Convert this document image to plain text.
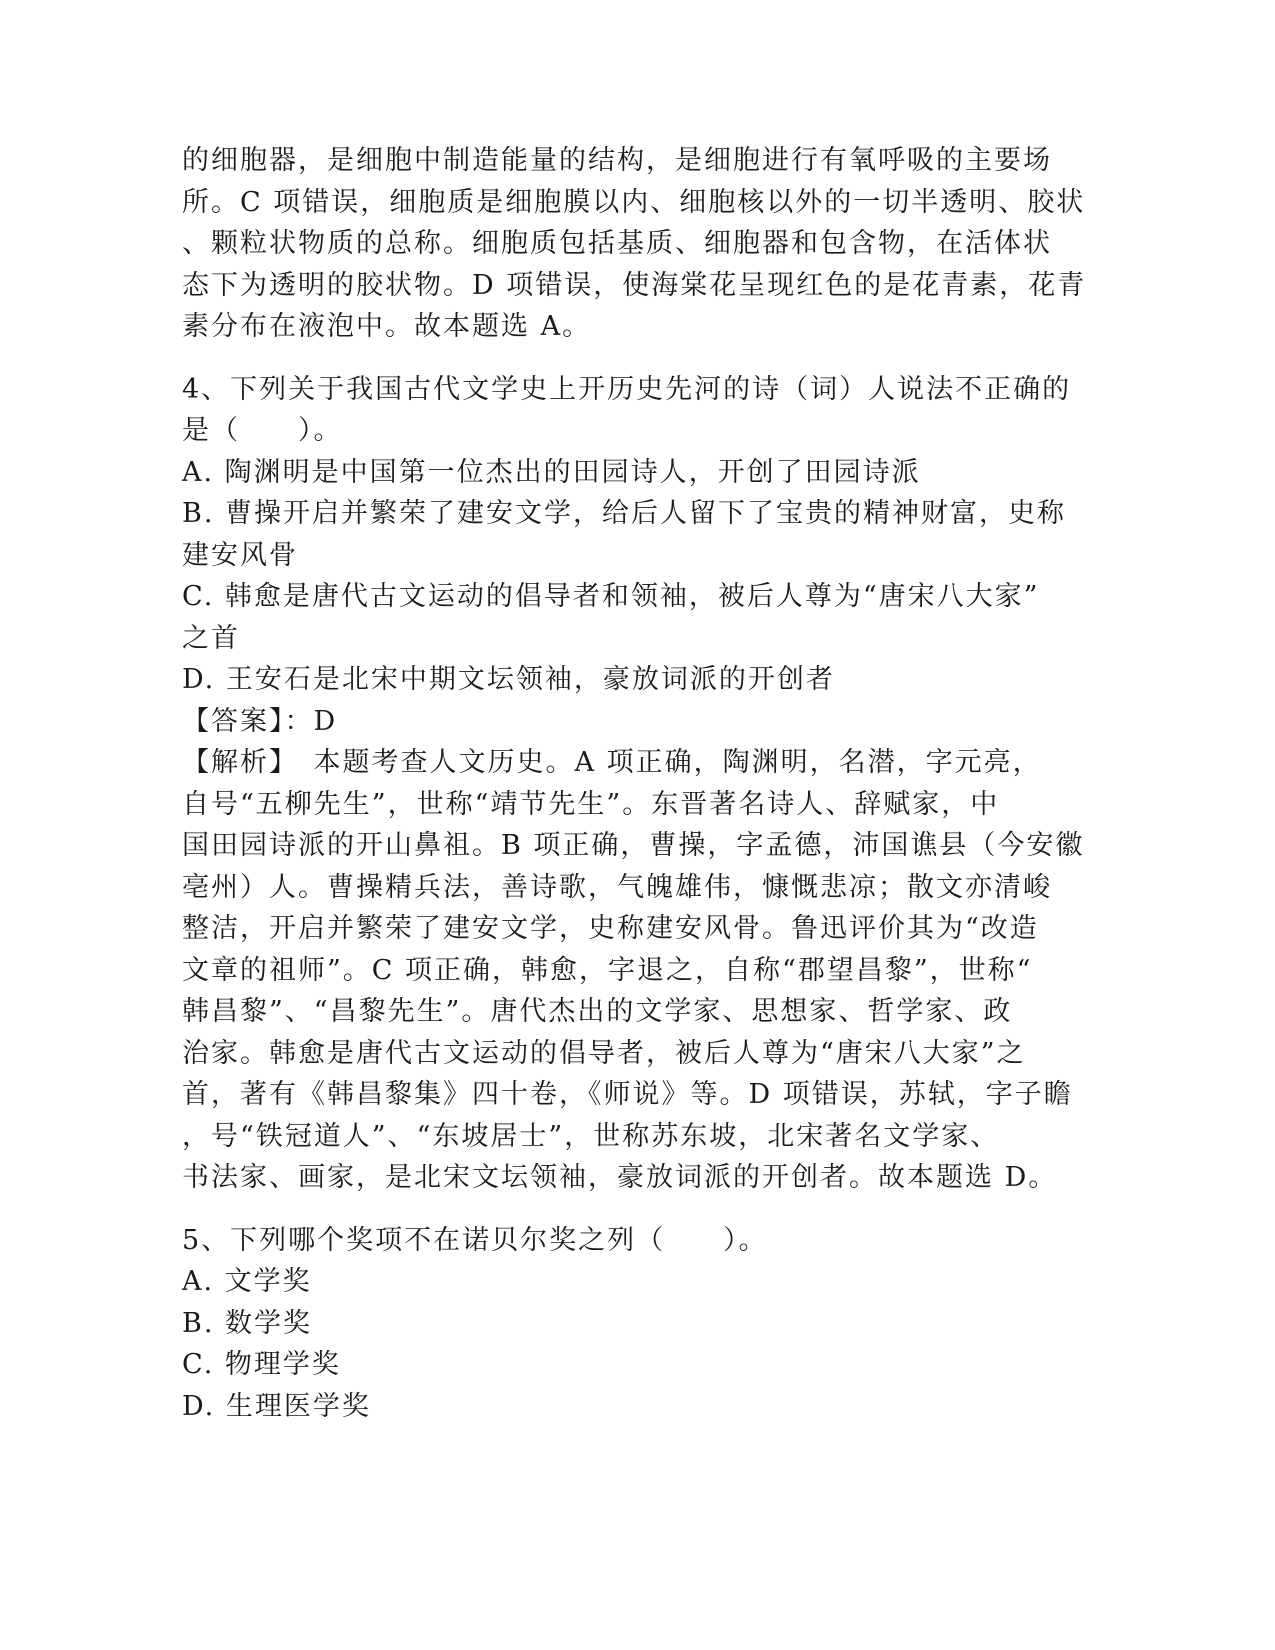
的细胞器，是细胞中制造能量的结构，是细胞进行有氧呼吸的主要场
所。C 项错误，细胞质是细胞膜以内、细胞核以外的一切半透明、胶状
、颗粒状物质的总称。细胞质包括基质、细胞器和包含物，在活体状
态下为透明的胶状物。D 项错误，使海棠花呈现红色的是花青素，花青
素分布在液泡中。故本题选 A。
4、下列关于我国古代文学史上开历史先河的诗（词）人说法不正确的
是（　　）。
A. 陶渊明是中国第一位杰出的田园诗人，开创了田园诗派
B. 曹操开启并繁荣了建安文学，给后人留下了宝贵的精神财富，史称
建安风骨
C. 韩愈是唐代古文运动的倡导者和领袖，被后人尊为“唐宋八大家”
之首
D. 王安石是北宋中期文坛领袖，豪放词派的开创者
【答案】：D
【解析】　本题考查人文历史。A 项正确，陶渊明，名潜，字元亮，
自号“五柳先生”，世称“靖节先生”。东晋著名诗人、辞赋家，中
国田园诗派的开山鼻祖。B 项正确，曹操，字孟德，沛国谯县（今安徽
亳州）人。曹操精兵法，善诗歌，气魄雄伟，慷慨悲凉；散文亦清峻
整洁，开启并繁荣了建安文学，史称建安风骨。鲁迅评价其为“改造
文章的祖师”。C 项正确，韩愈，字退之，自称“郡望昌黎”，世称“
韩昌黎”、“昌黎先生”。唐代杰出的文学家、思想家、哲学家、政
治家。韩愈是唐代古文运动的倡导者，被后人尊为“唐宋八大家”之
首，著有《韩昌黎集》四十卷，《师说》等。D 项错误，苏轼，字子瞻
，号“铁冠道人”、“东坡居士”，世称苏东坡，北宋著名文学家、
书法家、画家，是北宋文坛领袖，豪放词派的开创者。故本题选 D。
5、下列哪个奖项不在诺贝尔奖之列（　　）。
A. 文学奖
B. 数学奖
C. 物理学奖
D. 生理医学奖
